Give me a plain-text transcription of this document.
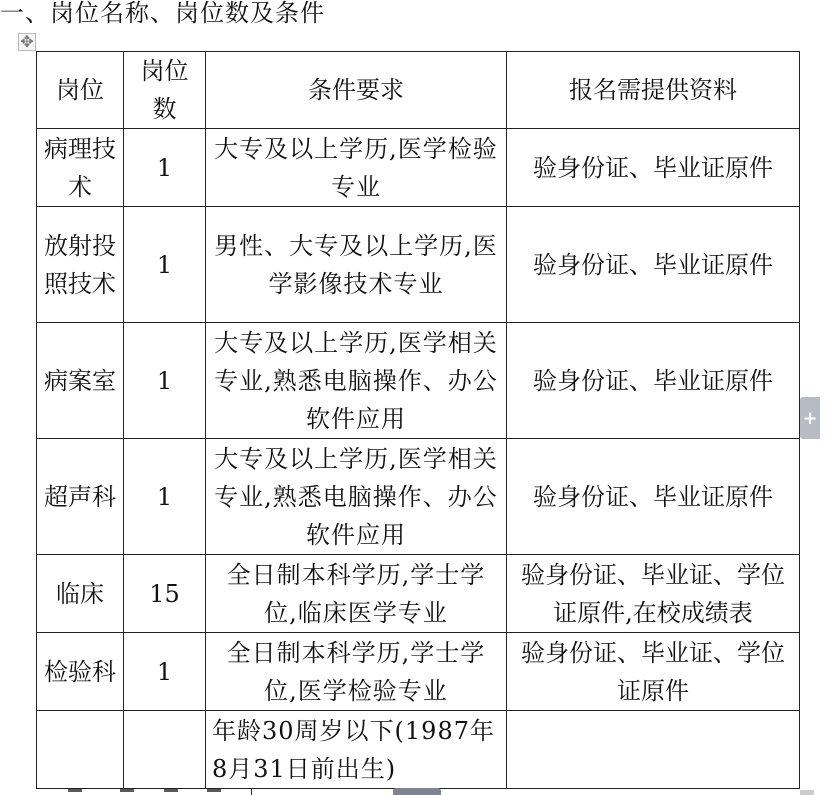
一、岗位名称、岗位数及条件
✥
岗位	岗位数	条件要求	报名需提供资料
病理技术	1	大专及以上学历,医学检验专业	验身份证、毕业证原件
放射投照技术	1	男性、大专及以上学历,医学影像技术专业	验身份证、毕业证原件
病案室	1	大专及以上学历,医学相关专业,熟悉电脑操作、办公软件应用	验身份证、毕业证原件
超声科	1	大专及以上学历,医学相关专业,熟悉电脑操作、办公软件应用	验身份证、毕业证原件
临床	15	全日制本科学历,学士学位,临床医学专业	验身份证、毕业证、学位证原件,在校成绩表
检验科	1	全日制本科学历,学士学位,医学检验专业	验身份证、毕业证、学位证原件
		年龄30周岁以下(1987年8月31日前出生)	
+
